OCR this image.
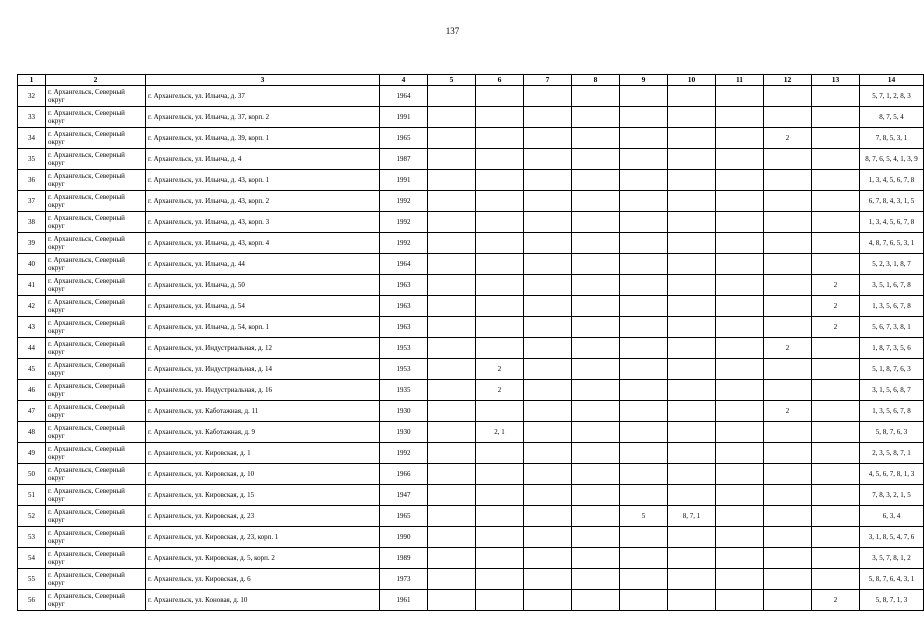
137
1	2	3	4	5	6	7	8	9	10	11	12	13	14
32	г. Архангельск, Северный округ	г. Архангельск, ул. Ильича, д. 37	1964										5, 7, 1, 2, 8, 3
33	г. Архангельск, Северный округ	г. Архангельск, ул. Ильича, д. 37, корп. 2	1991										8, 7, 5, 4
34	г. Архангельск, Северный округ	г. Архангельск, ул. Ильича, д. 39, корп. 1	1965								2		7, 8, 5, 3, 1
35	г. Архангельск, Северный округ	г. Архангельск, ул. Ильича, д. 4	1987										8, 7, 6, 5, 4, 1, 3, 9
36	г. Архангельск, Северный округ	г. Архангельск, ул. Ильича, д. 43, корп. 1	1991										1, 3, 4, 5, 6, 7, 8
37	г. Архангельск, Северный округ	г. Архангельск, ул. Ильича, д. 43, корп. 2	1992										6, 7, 8, 4, 3, 1, 5
38	г. Архангельск, Северный округ	г. Архангельск, ул. Ильича, д. 43, корп. 3	1992										1, 3, 4, 5, 6, 7, 8
39	г. Архангельск, Северный округ	г. Архангельск, ул. Ильича, д. 43, корп. 4	1992										4, 8, 7, 6, 5, 3, 1
40	г. Архангельск, Северный округ	г. Архангельск, ул. Ильича, д. 44	1964										5, 2, 3, 1, 8, 7
41	г. Архангельск, Северный округ	г. Архангельск, ул. Ильича, д. 50	1963									2	3, 5, 1, 6, 7, 8
42	г. Архангельск, Северный округ	г. Архангельск, ул. Ильича, д. 54	1963									2	1, 3, 5, 6, 7, 8
43	г. Архангельск, Северный округ	г. Архангельск, ул. Ильича, д. 54, корп. 1	1963									2	5, 6, 7, 3, 8, 1
44	г. Архангельск, Северный округ	г. Архангельск, ул. Индустриальная, д. 12	1953								2		1, 8, 7, 3, 5, 6
45	г. Архангельск, Северный округ	г. Архангельск, ул. Индустриальная, д. 14	1953		2								5, 1, 8, 7, 6, 3
46	г. Архангельск, Северный округ	г. Архангельск, ул. Индустриальная, д. 16	1935		2								3, 1, 5, 6, 8, 7
47	г. Архангельск, Северный округ	г. Архангельск, ул. Каботажная, д. 11	1930								2		1, 3, 5, 6, 7, 8
48	г. Архангельск, Северный округ	г. Архангельск, ул. Каботажная, д. 9	1930		2, 1								5, 8, 7, 6, 3
49	г. Архангельск, Северный округ	г. Архангельск, ул. Кировская, д. 1	1992										2, 3, 5, 8, 7, 1
50	г. Архангельск, Северный округ	г. Архангельск, ул. Кировская, д. 10	1966										4, 5, 6, 7, 8, 1, 3
51	г. Архангельск, Северный округ	г. Архангельск, ул. Кировская, д. 15	1947										7, 8, 3, 2, 1, 5
52	г. Архангельск, Северный округ	г. Архангельск, ул. Кировская, д. 23	1965					5	8, 7, 1				6, 3, 4
53	г. Архангельск, Северный округ	г. Архангельск, ул. Кировская, д. 23, корп. 1	1990										3, 1, 8, 5, 4, 7, 6
54	г. Архангельск, Северный округ	г. Архангельск, ул. Кировская, д. 5, корп. 2	1989										3, 5, 7, 8, 1, 2
55	г. Архангельск, Северный округ	г. Архангельск, ул. Кировская, д. 6	1973										5, 8, 7, 6, 4, 3, 1
56	г. Архангельск, Северный округ	г. Архангельск, ул. Коновая, д. 10	1961									2	5, 8, 7, 1, 3
